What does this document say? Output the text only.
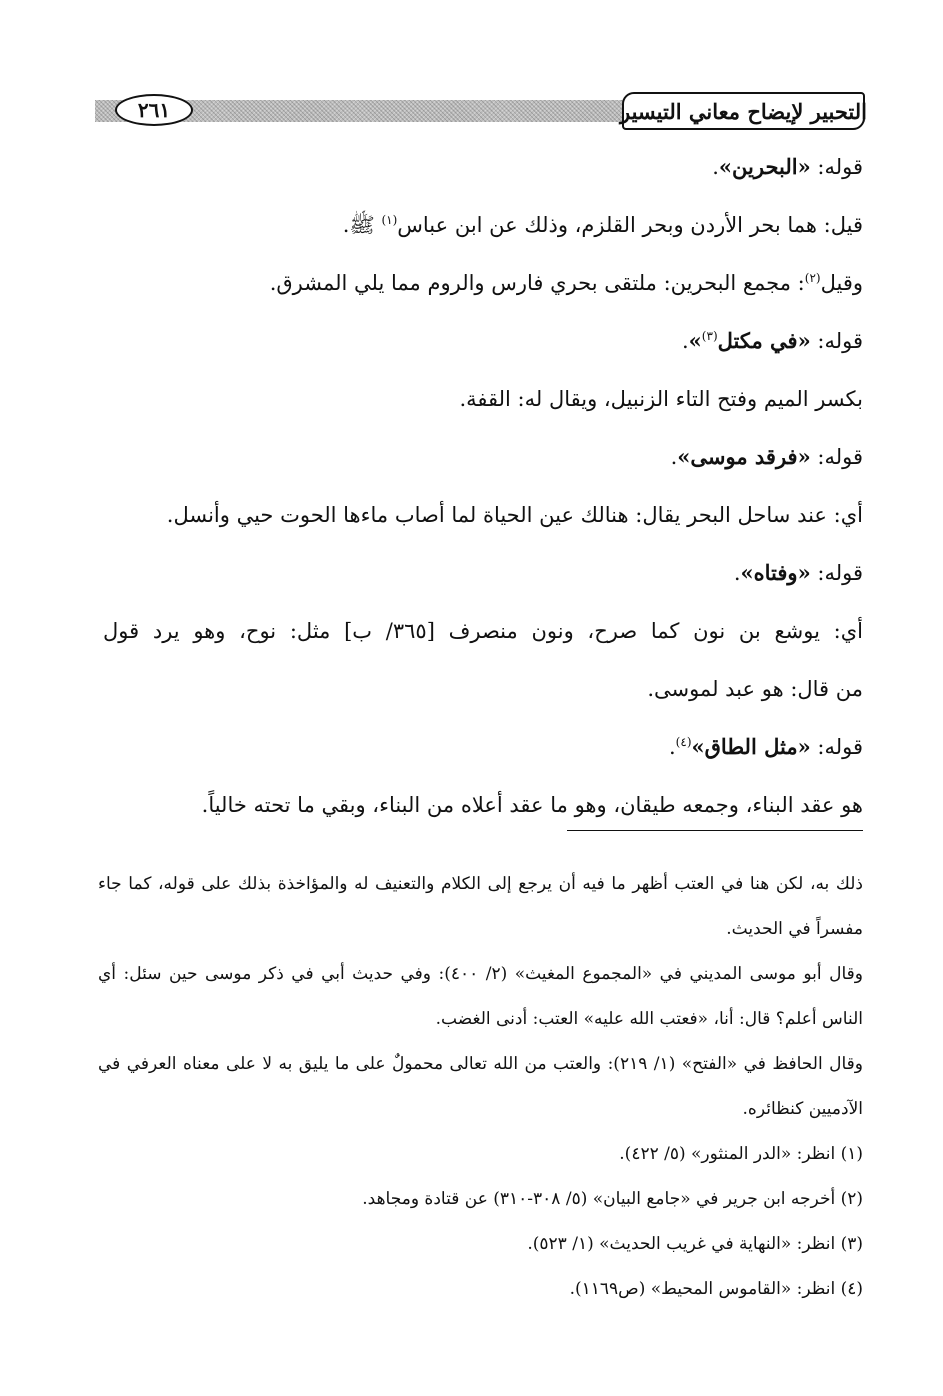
التحبير لإيضاح معاني التيسير
٢٦١

قوله: «البحرين».

قيل: هما بحر الأردن وبحر القلزم، وذلك عن ابن عباس$^{(١)}$ ﷺ.

وقيل$^{(٢)}$: مجمع البحرين: ملتقى بحري فارس والروم مما يلي المشرق.

قوله: «في مكتل$^{(٣)}$».

بكسر الميم وفتح التاء الزنبيل، ويقال له: القفة.

قوله: «فرقد موسى».

أي: عند ساحل البحر يقال: هنالك عين الحياة لما أصاب ماءها الحوت حيي وأنسل.

قوله: «وفتاه».

أي: يوشع بن نون كما صرح، ونون منصرف [٣٦٥/ ب] مثل: نوح، وهو يرد قول

من قال: هو عبد لموسى.

قوله: «مثل الطاق»$^{(٤)}$.

هو عقد البناء، وجمعه طيقان، وهو ما عقد أعلاه من البناء، وبقي ما تحته خالياً.

ذلك به، لكن هنا في العتب أظهر ما فيه أن يرجع إلى الكلام والتعنيف له والمؤاخذة بذلك على قوله، كما جاء

مفسراً في الحديث.

وقال أبو موسى المديني في «المجموع المغيث» (٢/ ٤٠٠): وفي حديث أبي في ذكر موسى حين سئل: أي

الناس أعلم؟ قال: أنا، «فعتب الله عليه» العتب: أدنى الغضب.

وقال الحافظ في «الفتح» (١/ ٢١٩): والعتب من الله تعالى محمولٌ على ما يليق به لا على معناه العرفي في

الآدميين كنظائره.

(١) انظر: «الدر المنثور» (٥/ ٤٢٢).

(٢) أخرجه ابن جرير في «جامع البيان» (٥/ ٣٠٨-٣١٠) عن قتادة ومجاهد.

(٣) انظر: «النهاية في غريب الحديث» (١/ ٥٢٣).

(٤) انظر: «القاموس المحيط» (ص١١٦٩).
